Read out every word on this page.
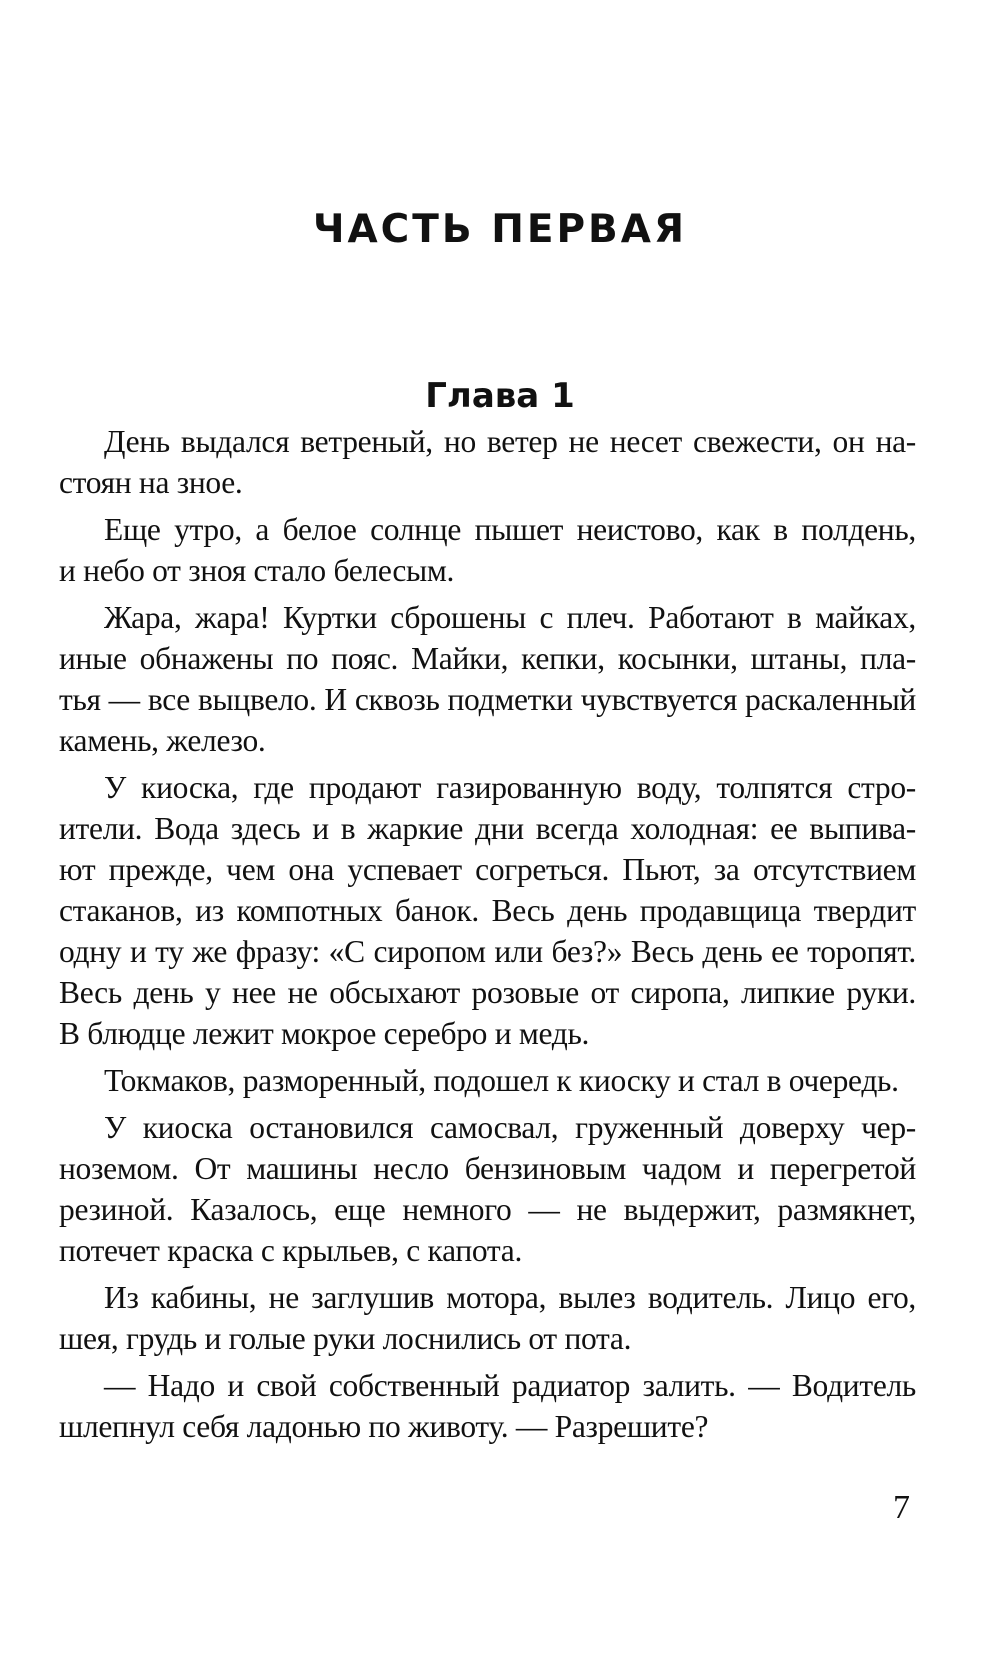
ЧАСТЬ ПЕРВАЯ
Глава 1

День выдался ветреный, но ветер не несет свежести, он на-
стоян на зное.

Еще утро, а белое солнце пышет неистово, как в полдень,
и небо от зноя стало белесым.

Жара, жара! Куртки сброшены с плеч. Работают в майках,
иные обнажены по пояс. Майки, кепки, косынки, штаны, пла-
тья — все выцвело. И сквозь подметки чувствуется раскаленный
камень, железо.

У киоска, где продают газированную воду, толпятся стро-
ители. Вода здесь и в жаркие дни всегда холодная: ее выпива-
ют прежде, чем она успевает согреться. Пьют, за отсутствием
стаканов, из компотных банок. Весь день продавщица твердит
одну и ту же фразу: «С сиропом или без?» Весь день ее торопят.
Весь день у нее не обсыхают розовые от сиропа, липкие руки.
В блюдце лежит мокрое серебро и медь.

Токмаков, разморенный, подошел к киоску и стал в очередь.

У киоска остановился самосвал, груженный доверху чер-
ноземом. От машины несло бензиновым чадом и перегретой
резиной. Казалось, еще немного — не выдержит, размякнет,
потечет краска с крыльев, с капота.

Из кабины, не заглушив мотора, вылез водитель. Лицо его,
шея, грудь и голые руки лоснились от пота.

— Надо и свой собственный радиатор залить. — Водитель
шлепнул себя ладонью по животу. — Разрешите?

7
